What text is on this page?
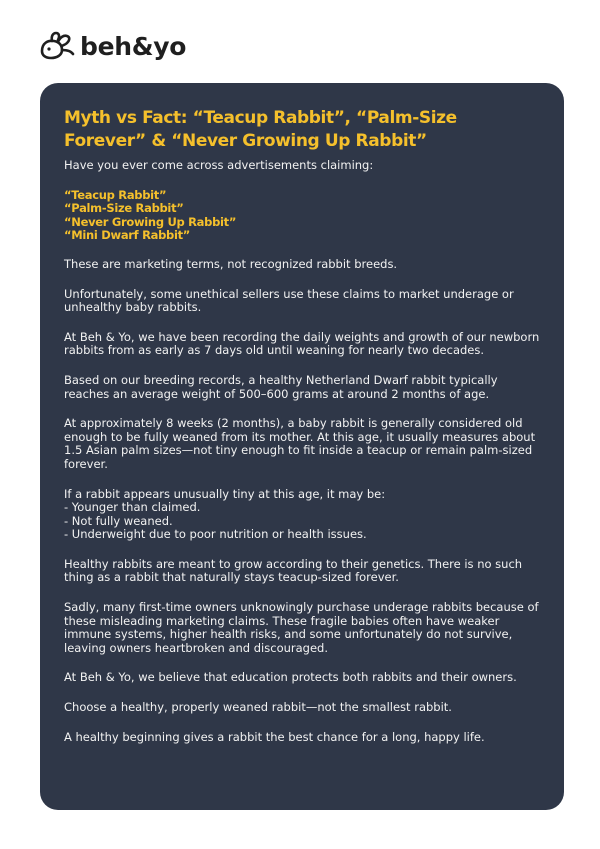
beh&yo
Myth vs Fact: “Teacup Rabbit”, “Palm-Size Forever” & “Never Growing Up Rabbit”

Have you ever come across advertisements claiming:

“Teacup Rabbit”
“Palm-Size Rabbit”
“Never Growing Up Rabbit”
“Mini Dwarf Rabbit”

These are marketing terms, not recognized rabbit breeds.

Unfortunately, some unethical sellers use these claims to market underage or unhealthy baby rabbits.

At Beh & Yo, we have been recording the daily weights and growth of our newborn rabbits from as early as 7 days old until weaning for nearly two decades.

Based on our breeding records, a healthy Netherland Dwarf rabbit typically reaches an average weight of 500–600 grams at around 2 months of age.

At approximately 8 weeks (2 months), a baby rabbit is generally considered old enough to be fully weaned from its mother. At this age, it usually measures about 1.5 Asian palm sizes—not tiny enough to fit inside a teacup or remain palm-sized forever.

If a rabbit appears unusually tiny at this age, it may be:

- Younger than claimed.
- Not fully weaned.
- Underweight due to poor nutrition or health issues.

Healthy rabbits are meant to grow according to their genetics. There is no such thing as a rabbit that naturally stays teacup-sized forever.

Sadly, many first-time owners unknowingly purchase underage rabbits because of these misleading marketing claims. These fragile babies often have weaker immune systems, higher health risks, and some unfortunately do not survive, leaving owners heartbroken and discouraged.

At Beh & Yo, we believe that education protects both rabbits and their owners.

Choose a healthy, properly weaned rabbit—not the smallest rabbit.

A healthy beginning gives a rabbit the best chance for a long, happy life.
